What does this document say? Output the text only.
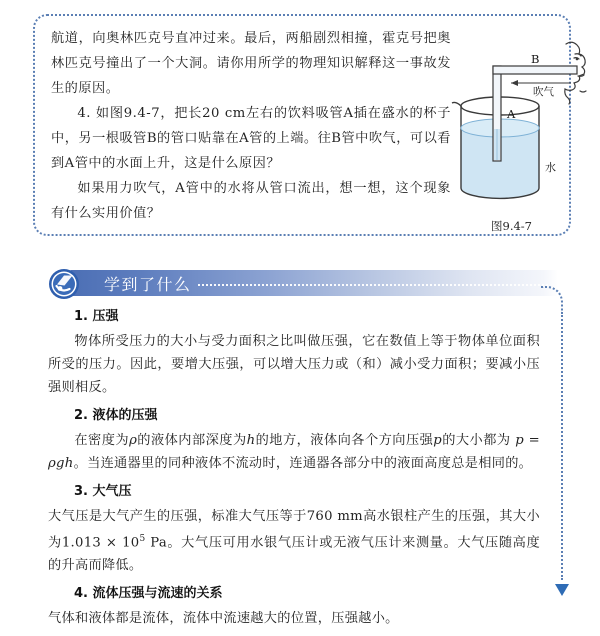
航道，向奥林匹克号直冲过来。最后，两船剧烈相撞，霍克号把奥林匹克号撞出了一个大洞。请你用所学的物理知识解释这一事故发生的原因。

4. 如图9.4-7，把长20 cm左右的饮料吸管A插在盛水的杯子中，另一根吸管B的管口贴靠在A管的上端。往B管中吹气，可以看到A管中的水面上升，这是什么原因？

如果用力吹气，A管中的水将从管口流出，想一想，这个现象有什么实用价值？

A
B
吹气
水
图9.4-7
学到了什么

1. 压强

物体所受压力的大小与受力面积之比叫做压强，它在数值上等于物体单位面积所受的压力。因此，要增大压强，可以增大压力或（和）减小受力面积；要减小压强则相反。

2. 液体的压强

在密度为ρ的液体内部深度为h的地方，液体向各个方向压强p的大小都为 p = ρgh。当连通器里的同种液体不流动时，连通器各部分中的液面高度总是相同的。

3. 大气压

大气压是大气产生的压强，标准大气压等于760 mm高水银柱产生的压强，其大小为$1.013 \times 10^5$ Pa。大气压可用水银气压计或无液气压计来测量。大气压随高度的升高而降低。

4. 流体压强与流速的关系

气体和液体都是流体，流体中流速越大的位置，压强越小。
